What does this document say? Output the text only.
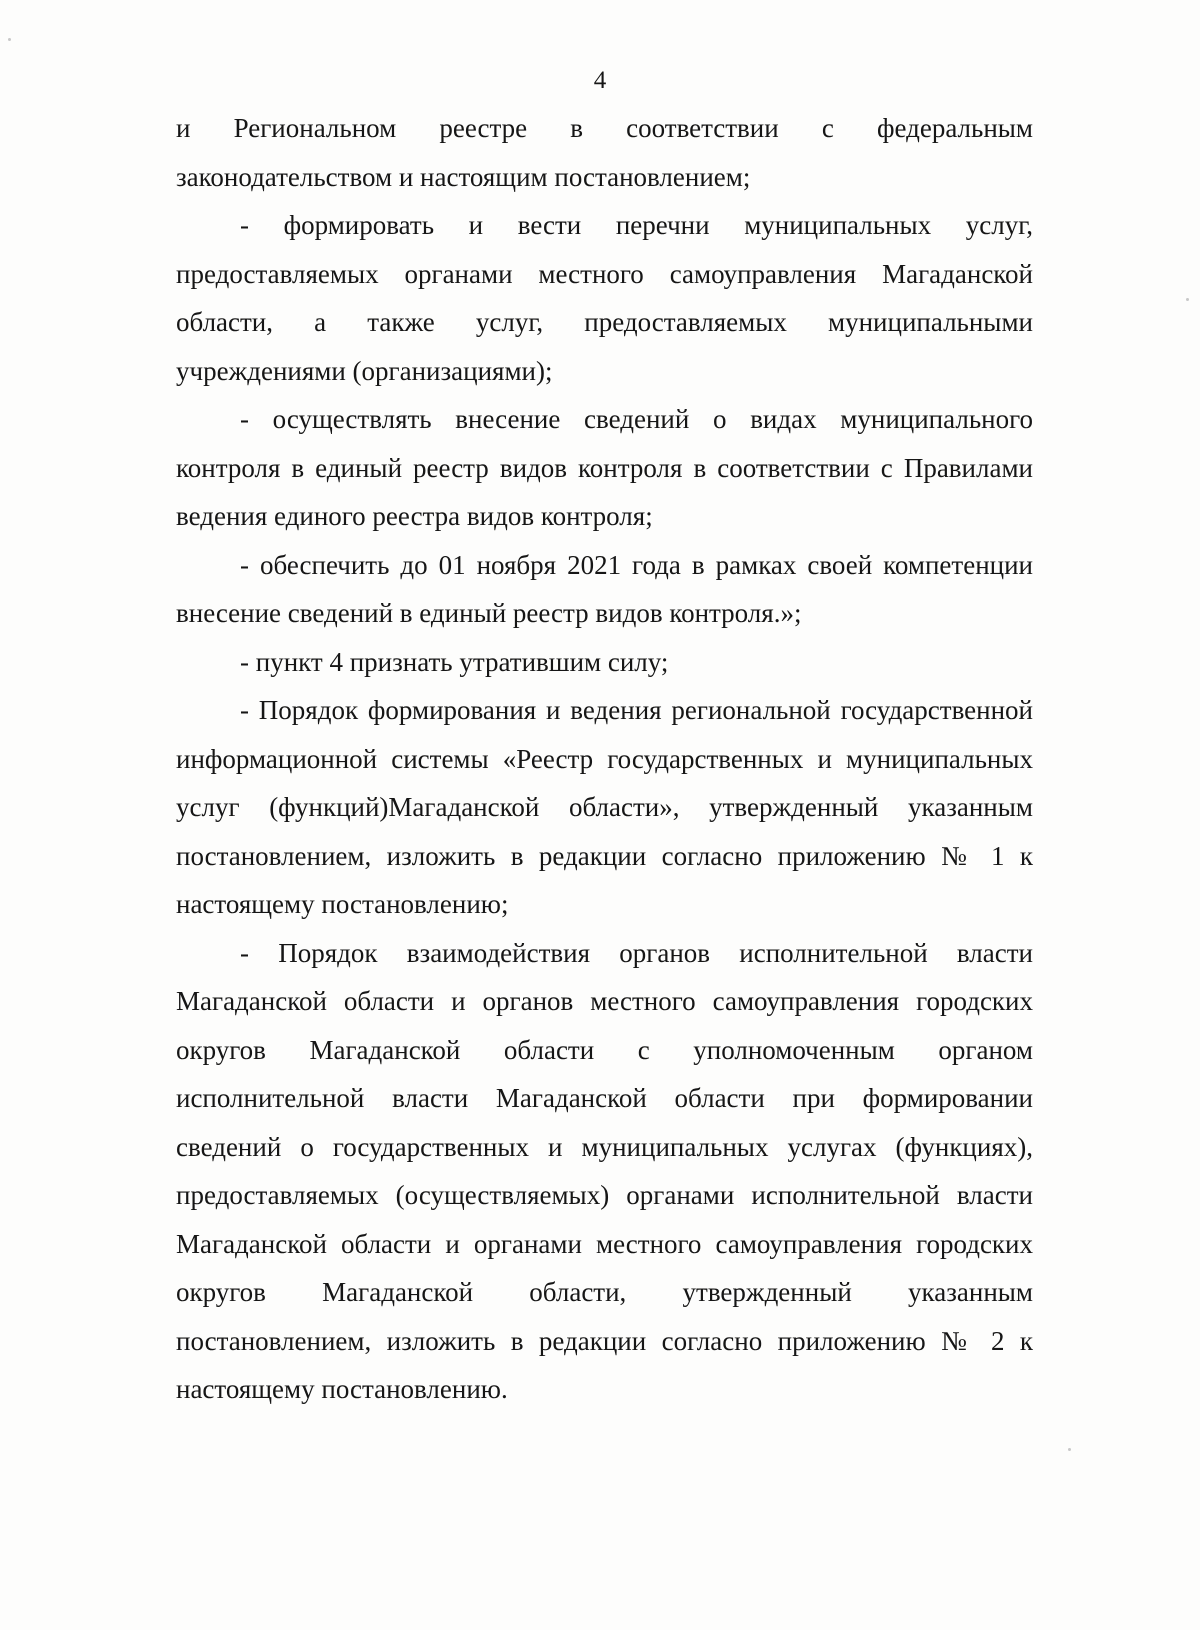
4

и Региональном реестре в соответствии с федеральным законодательством и настоящим постановлением;

- формировать и вести перечни муниципальных услуг, предоставляемых органами местного самоуправления Магаданской области, а также услуг, предоставляемых муниципальными учреждениями (организациями);

- осуществлять внесение сведений о видах муниципального контроля в единый реестр видов контроля в соответствии с Правилами ведения единого реестра видов контроля;

- обеспечить до 01 ноября 2021 года в рамках своей компетенции внесение сведений в единый реестр видов контроля.»;

- пункт 4 признать утратившим силу;

- Порядок формирования и ведения региональной государственной информационной системы «Реестр государственных и муниципальных услуг (функций)Магаданской области», утвержденный указанным постановлением, изложить в редакции согласно приложению № 1 к настоящему постановлению;

- Порядок взаимодействия органов исполнительной власти Магаданской области и органов местного самоуправления городских округов Магаданской области с уполномоченным органом исполнительной власти Магаданской области при формировании сведений о государственных и муниципальных услугах (функциях), предоставляемых (осуществляемых) органами исполнительной власти Магаданской области и органами местного самоуправления городских округов Магаданской области, утвержденный указанным постановлением, изложить в редакции согласно приложению № 2 к настоящему постановлению.
